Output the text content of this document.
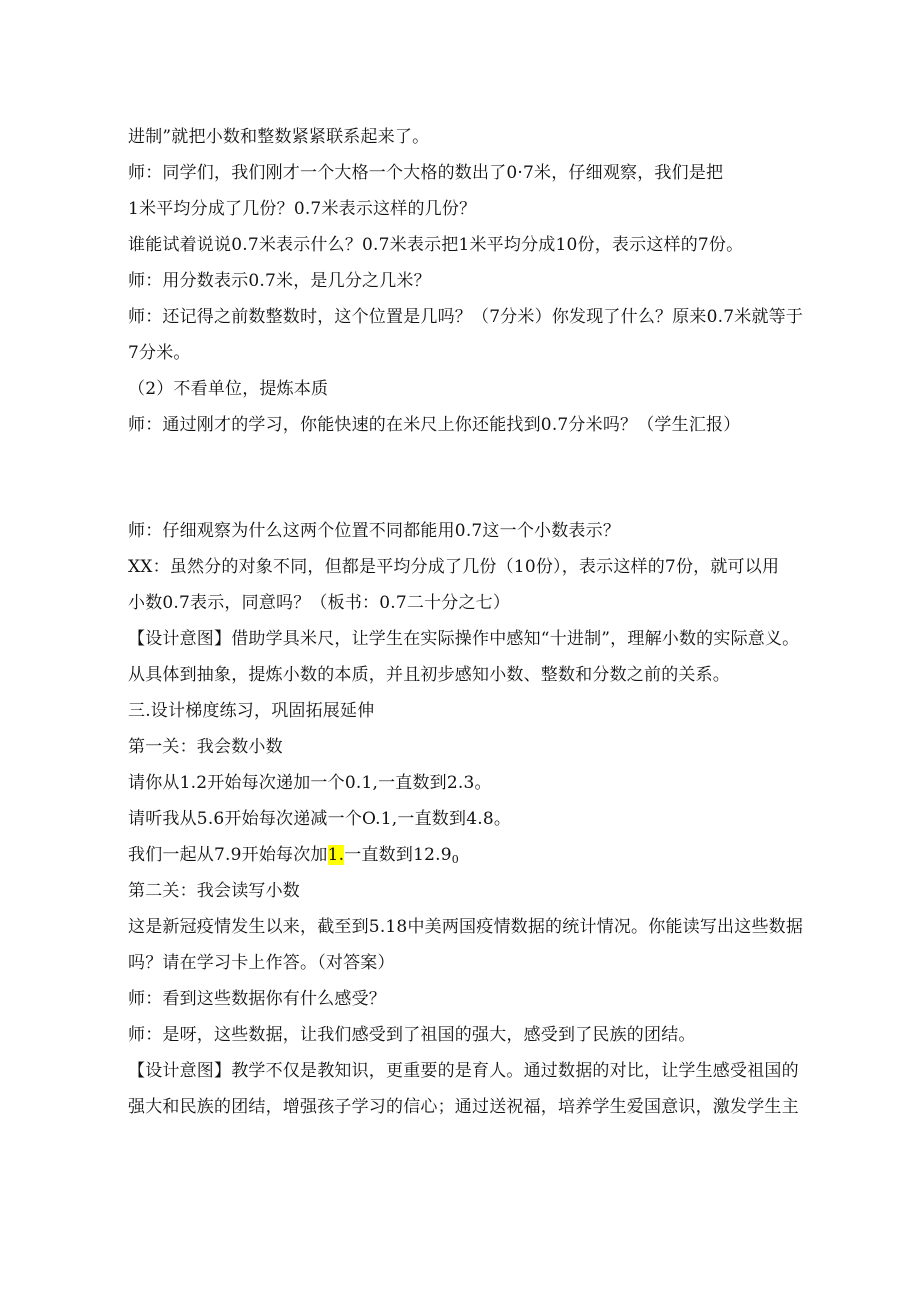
进制”就把小数和整数紧紧联系起来了。
师：同学们，我们刚才一个大格一个大格的数出了0·7米，仔细观察，我们是把
1米平均分成了几份？0.7米表示这样的几份？
谁能试着说说0.7米表示什么？0.7米表示把1米平均分成10份，表示这样的7份。
师：用分数表示0.7米，是几分之几米？
师：还记得之前数整数时，这个位置是几吗？（7分米）你发现了什么？原来0.7米就等于
7分米。
（2）不看单位，提炼本质
师：通过刚才的学习，你能快速的在米尺上你还能找到0.7分米吗？（学生汇报）
师：仔细观察为什么这两个位置不同都能用0.7这一个小数表示？
XX：虽然分的对象不同，但都是平均分成了几份（10份），表示这样的7份，就可以用
小数0.7表示，同意吗？（板书：0.7二十分之七）
【设计意图】借助学具米尺，让学生在实际操作中感知“十进制”，理解小数的实际意义。
从具体到抽象，提炼小数的本质，并且初步感知小数、整数和分数之前的关系。
三.设计梯度练习，巩固拓展延伸
第一关：我会数小数
请你从1.2开始每次递加一个0.1,一直数到2.3。
请听我从5.6开始每次递减一个O.1,一直数到4.8。
我们一起从7.9开始每次加1.一直数到$12.9_0$
第二关：我会读写小数
这是新冠疫情发生以来，截至到5.18中美两国疫情数据的统计情况。你能读写出这些数据
吗？请在学习卡上作答。（对答案）
师：看到这些数据你有什么感受？
师：是呀，这些数据，让我们感受到了祖国的强大，感受到了民族的团结。
【设计意图】教学不仅是教知识，更重要的是育人。通过数据的对比，让学生感受祖国的
强大和民族的团结，增强孩子学习的信心；通过送祝福，培养学生爱国意识，激发学生主
